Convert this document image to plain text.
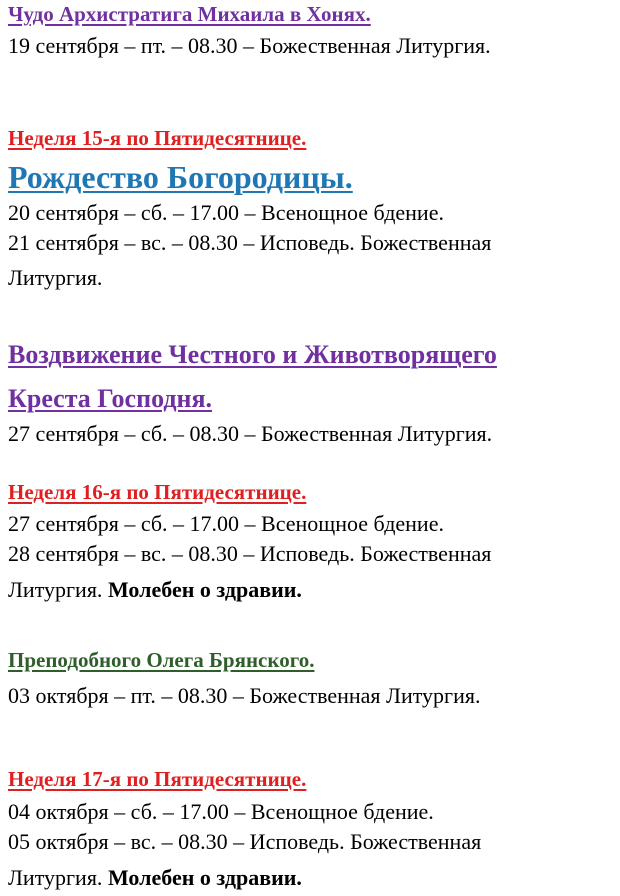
Чудо Архистратига Михаила в Хонях.
19 сентября – пт. – 08.30 – Божественная Литургия.
Неделя 15-я по Пятидесятнице.
Рождество Богородицы.
20 сентября – сб. – 17.00 – Всенощное бдение.
21 сентября – вс. – 08.30 – Исповедь. Божественная
Литургия.
Воздвижение Честного и Животворящего
Креста Господня.
27 сентября – сб. – 08.30 – Божественная Литургия.
Неделя 16-я по Пятидесятнице.
27 сентября – сб. – 17.00 – Всенощное бдение.
28 сентября – вс. – 08.30 – Исповедь. Божественная
Литургия. Молебен о здравии.
Преподобного Олега Брянского.
03 октября – пт. – 08.30 – Божественная Литургия.
Неделя 17-я по Пятидесятнице.
04 октября – сб. – 17.00 – Всенощное бдение.
05 октября – вс. – 08.30 – Исповедь. Божественная
Литургия. Молебен о здравии.
